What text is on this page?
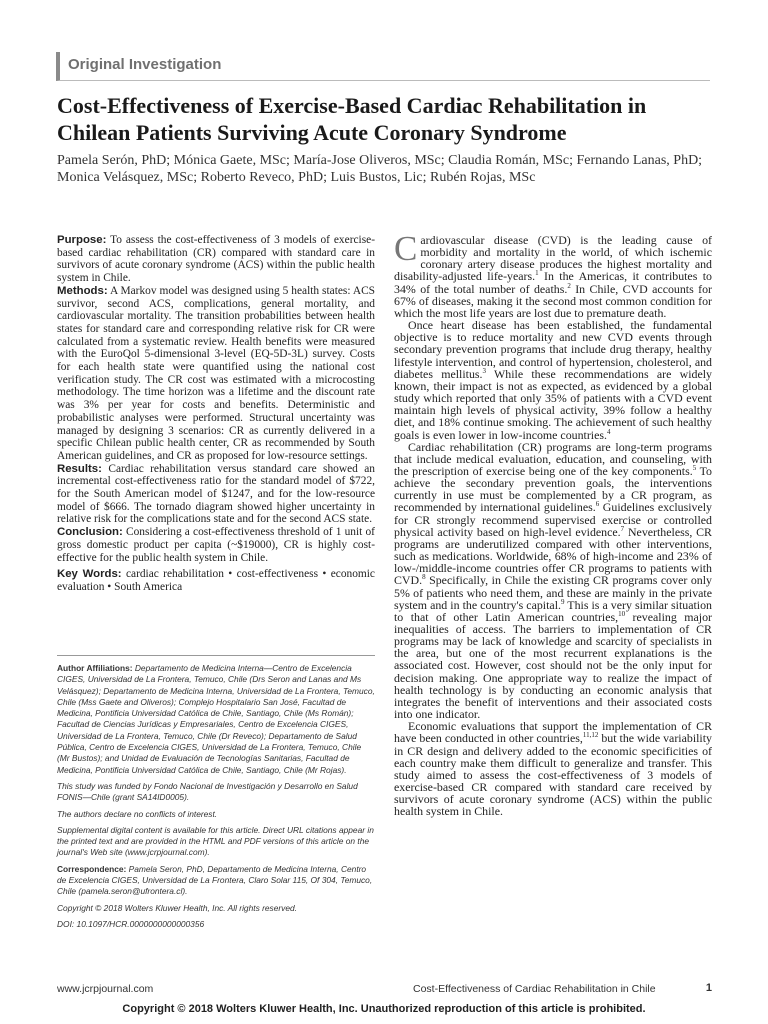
Original Investigation
Cost-Effectiveness of Exercise-Based Cardiac Rehabilitation in Chilean Patients Surviving Acute Coronary Syndrome

Pamela Serón, PhD; Mónica Gaete, MSc; María-Jose Oliveros, MSc; Claudia Román, MSc; Fernando Lanas, PhD; Monica Velásquez, MSc; Roberto Reveco, PhD; Luis Bustos, Lic; Rubén Rojas, MSc

Purpose: To assess the cost-effectiveness of 3 models of exercise-based cardiac rehabilitation (CR) compared with standard care in survivors of acute coronary syndrome (ACS) within the public health system in Chile.

Methods: A Markov model was designed using 5 health states: ACS survivor, second ACS, complications, general mortality, and cardiovascular mortality. The transition probabilities between health states for standard care and corresponding relative risk for CR were calculated from a systematic review. Health benefits were measured with the EuroQol 5-dimensional 3-level (EQ-5D-3L) survey. Costs for each health state were quantified using the national cost verification study. The CR cost was estimated with a microcosting methodology. The time horizon was a lifetime and the discount rate was 3% per year for costs and benefits. Deterministic and probabilistic analyses were performed. Structural uncertainty was managed by designing 3 scenarios: CR as currently delivered in a specific Chilean public health center, CR as recommended by South American guidelines, and CR as proposed for low-resource settings.

Results: Cardiac rehabilitation versus standard care showed an incremental cost-effectiveness ratio for the standard model of $722, for the South American model of $1247, and for the low-resource model of $666. The tornado diagram showed higher uncertainty in relative risk for the complications state and for the second ACS state.

Conclusion: Considering a cost-effectiveness threshold of 1 unit of gross domestic product per capita (~$19000), CR is highly cost-effective for the public health system in Chile.

Key Words: cardiac rehabilitation • cost-effectiveness • economic evaluation • South America

Author Affiliations: Departamento de Medicina Interna—Centro de Excelencia CIGES, Universidad de La Frontera, Temuco, Chile (Drs Seron and Lanas and Ms Velásquez); Departamento de Medicina Interna, Universidad de La Frontera, Temuco, Chile (Mss Gaete and Oliveros); Complejo Hospitalario San José, Facultad de Medicina, Pontificia Universidad Católica de Chile, Santiago, Chile (Ms Román); Facultad de Ciencias Jurídicas y Empresariales, Centro de Excelencia CIGES, Universidad de La Frontera, Temuco, Chile (Dr Reveco); Departamento de Salud Pública, Centro de Excelencia CIGES, Universidad de La Frontera, Temuco, Chile (Mr Bustos); and Unidad de Evaluación de Tecnologías Sanitarias, Facultad de Medicina, Pontificia Universidad Católica de Chile, Santiago, Chile (Mr Rojas).

This study was funded by Fondo Nacional de Investigación y Desarrollo en Salud FONIS—Chile (grant SA14ID0005).

The authors declare no conflicts of interest.

Supplemental digital content is available for this article. Direct URL citations appear in the printed text and are provided in the HTML and PDF versions of this article on the journal's Web site (www.jcrpjournal.com).

Correspondence: Pamela Seron, PhD, Departamento de Medicina Interna, Centro de Excelencia CIGES, Universidad de La Frontera, Claro Solar 115, Of 304, Temuco, Chile (pamela.seron@ufrontera.cl).

Copyright © 2018 Wolters Kluwer Health, Inc. All rights reserved.

DOI: 10.1097/HCR.0000000000000356

Cardiovascular disease (CVD) is the leading cause of morbidity and mortality in the world, of which ischemic coronary artery disease produces the highest mortality and disability-adjusted life-years.$^1$ In the Americas, it contributes to 34% of the total number of deaths.$^2$ In Chile, CVD accounts for 67% of diseases, making it the second most common condition for which the most life years are lost due to premature death.

Once heart disease has been established, the fundamental objective is to reduce mortality and new CVD events through secondary prevention programs that include drug therapy, healthy lifestyle intervention, and control of hypertension, cholesterol, and diabetes mellitus.$^3$ While these recommendations are widely known, their impact is not as expected, as evidenced by a global study which reported that only 35% of patients with a CVD event maintain high levels of physical activity, 39% follow a healthy diet, and 18% continue smoking. The achievement of such healthy goals is even lower in low-income countries.$^4$

Cardiac rehabilitation (CR) programs are long-term programs that include medical evaluation, education, and counseling, with the prescription of exercise being one of the key components.$^5$ To achieve the secondary prevention goals, the interventions currently in use must be complemented by a CR program, as recommended by international guidelines.$^6$ Guidelines exclusively for CR strongly recommend supervised exercise or controlled physical activity based on high-level evidence.$^7$ Nevertheless, CR programs are underutilized compared with other interventions, such as medications. Worldwide, 68% of high-income and 23% of low-/middle-income countries offer CR programs to patients with CVD.$^8$ Specifically, in Chile the existing CR programs cover only 5% of patients who need them, and these are mainly in the private system and in the country's capital.$^9$ This is a very similar situation to that of other Latin American countries,$^{10}$ revealing major inequalities of access. The barriers to implementation of CR programs may be lack of knowledge and scarcity of specialists in the area, but one of the most recurrent explanations is the associated cost. However, cost should not be the only input for decision making. One appropriate way to realize the impact of health technology is by conducting an economic analysis that integrates the benefit of interventions and their associated costs into one indicator.

Economic evaluations that support the implementation of CR have been conducted in other countries,$^{11,12}$ but the wide variability in CR design and delivery added to the economic specificities of each country make them difficult to generalize and transfer. This study aimed to assess the cost-effectiveness of 3 models of exercise-based CR compared with standard care received by survivors of acute coronary syndrome (ACS) within the public health system in Chile.

www.jcrpjournal.com	Cost-Effectiveness of Cardiac Rehabilitation in Chile	1
Copyright © 2018 Wolters Kluwer Health, Inc. Unauthorized reproduction of this article is prohibited.
